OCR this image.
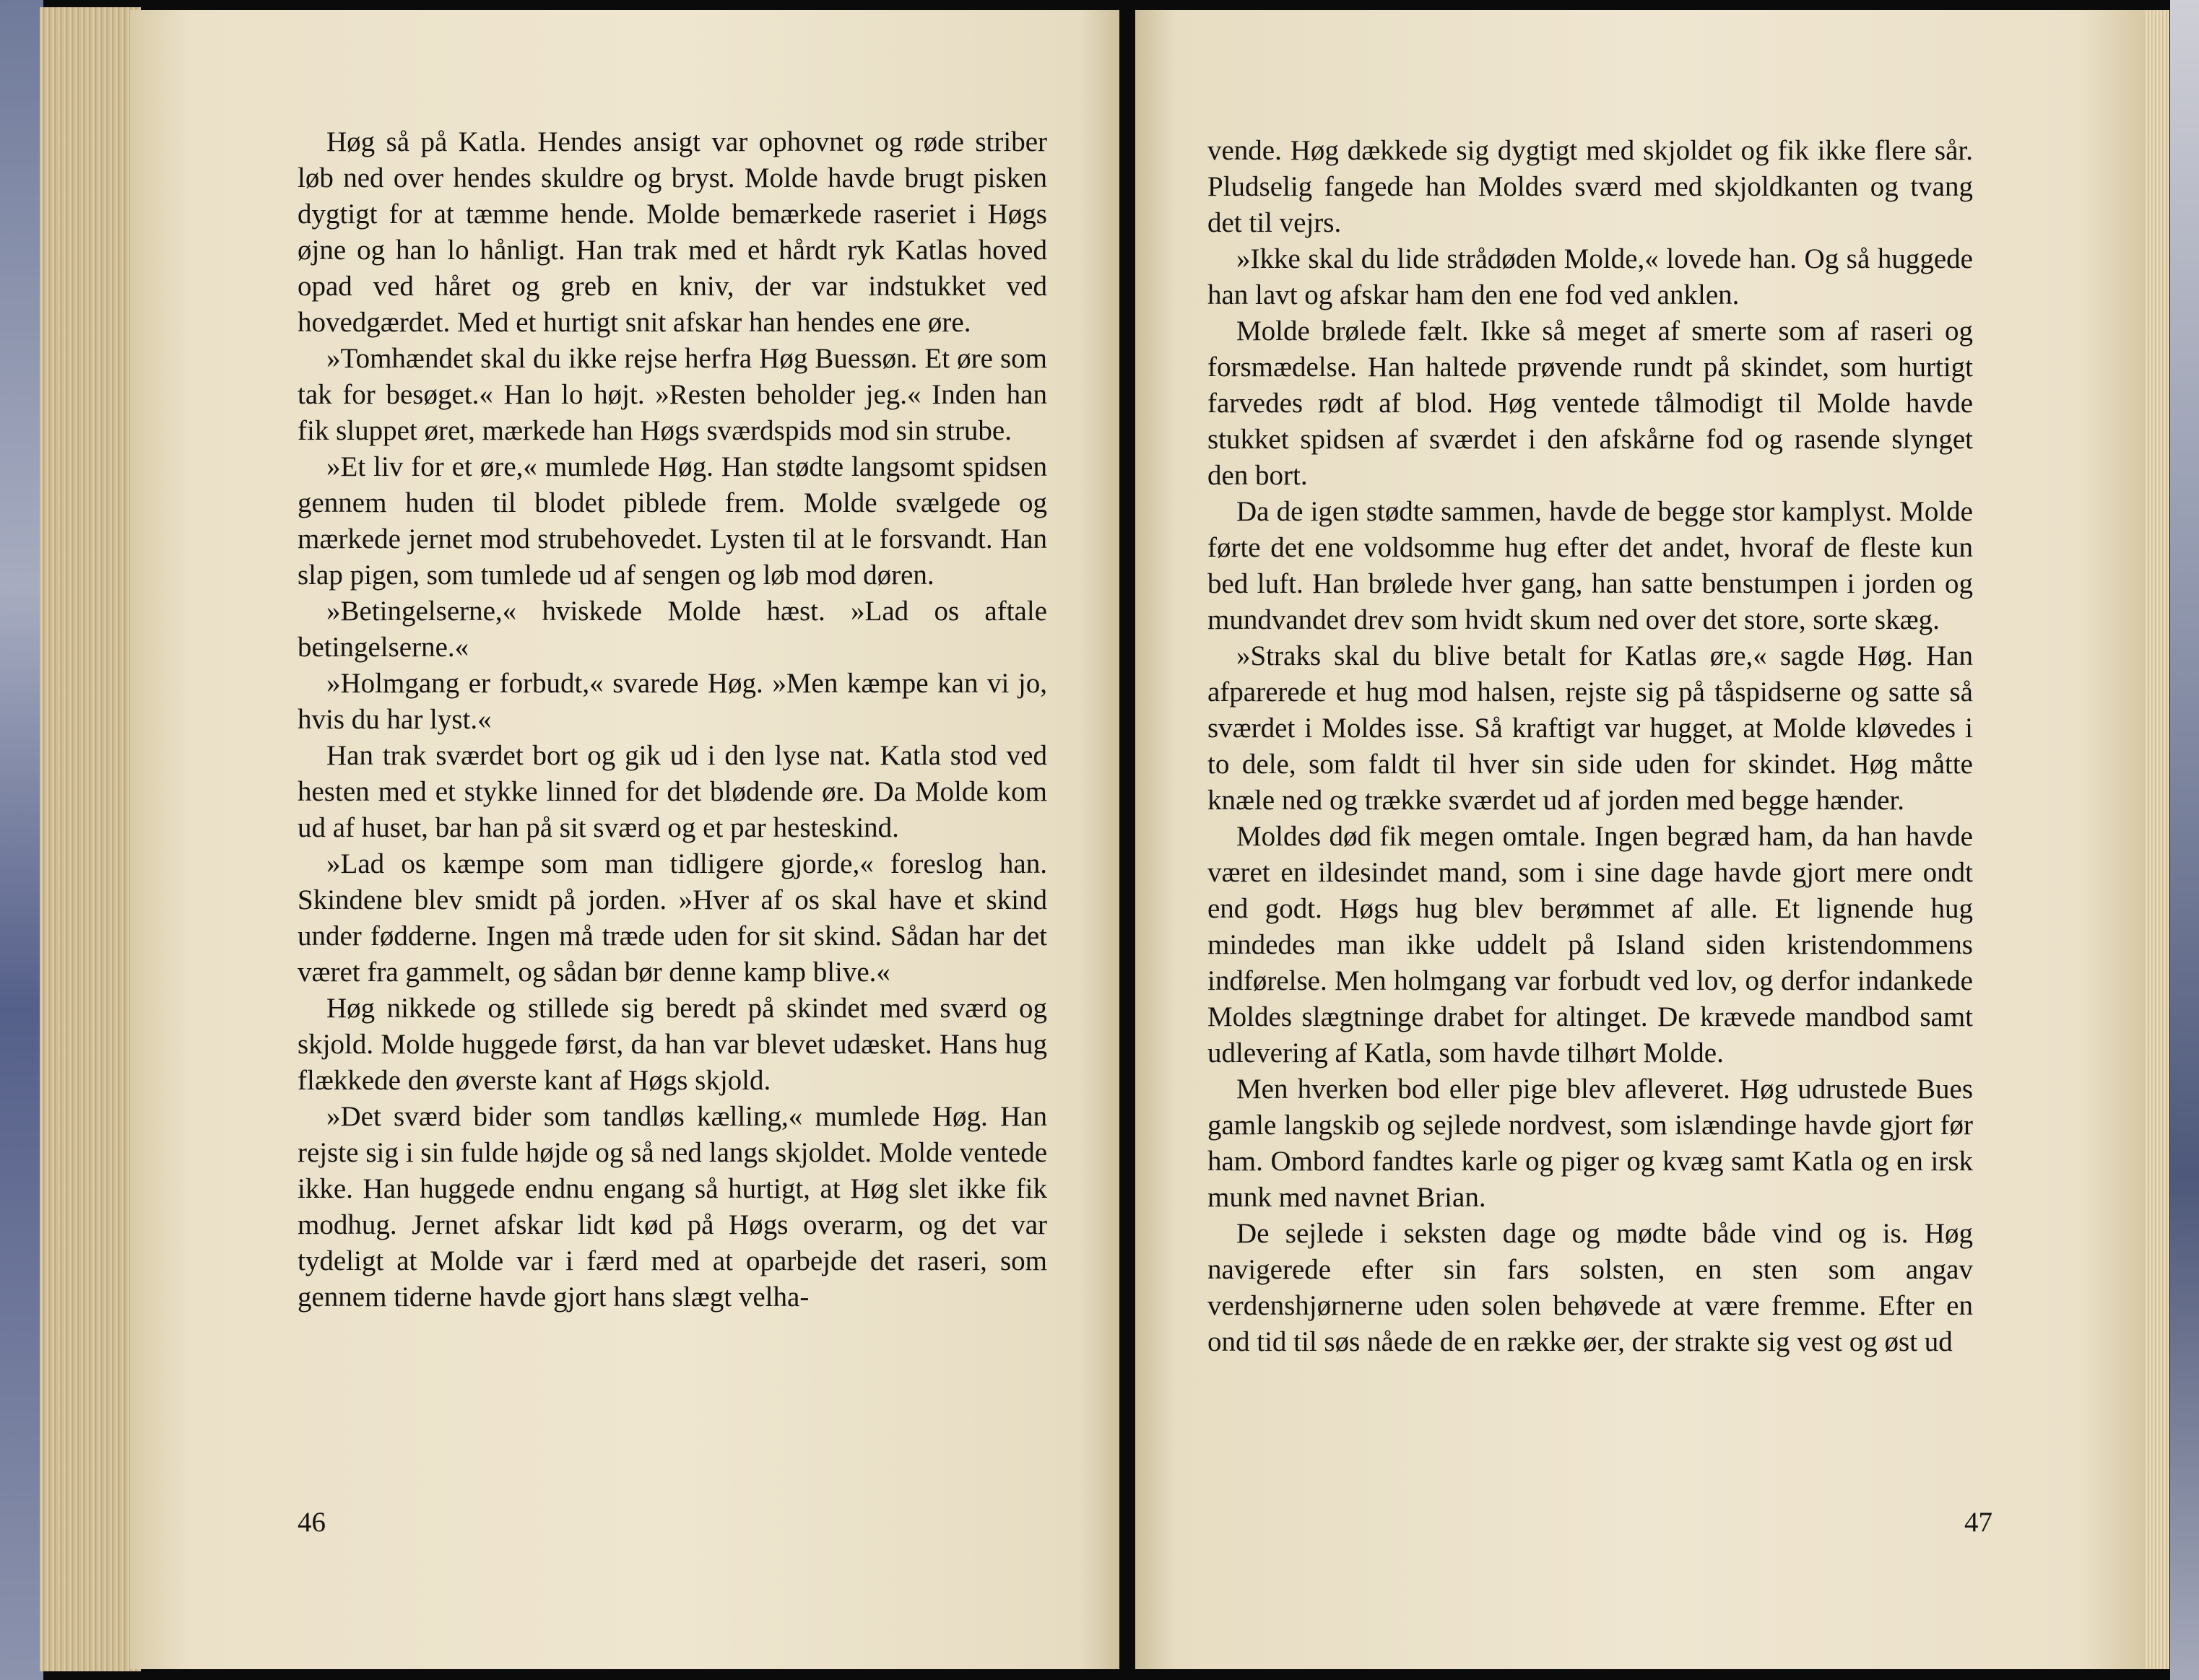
Høg så på Katla. Hendes ansigt var ophovnet og røde striber løb ned over hendes skuldre og bryst. Molde havde brugt pisken dygtigt for at tæmme hende. Molde bemærkede raseriet i Høgs øjne og han lo hånligt. Han trak med et hårdt ryk Katlas hoved opad ved håret og greb en kniv, der var indstukket ved hovedgærdet. Med et hurtigt snit afskar han hendes ene øre.

»Tomhændet skal du ikke rejse herfra Høg Buessøn. Et øre som tak for besøget.« Han lo højt. »Resten beholder jeg.« Inden han fik sluppet øret, mærkede han Høgs sværdspids mod sin strube.

»Et liv for et øre,« mumlede Høg. Han stødte langsomt spidsen gennem huden til blodet piblede frem. Molde svælgede og mærkede jernet mod strubehovedet. Lysten til at le forsvandt. Han slap pigen, som tumlede ud af sengen og løb mod døren.

»Betingelserne,« hviskede Molde hæst. »Lad os aftale betingelserne.«

»Holmgang er forbudt,« svarede Høg. »Men kæmpe kan vi jo, hvis du har lyst.«

Han trak sværdet bort og gik ud i den lyse nat. Katla stod ved hesten med et stykke linned for det blødende øre. Da Molde kom ud af huset, bar han på sit sværd og et par hesteskind.

»Lad os kæmpe som man tidligere gjorde,« foreslog han. Skindene blev smidt på jorden. »Hver af os skal have et skind under fødderne. Ingen må træde uden for sit skind. Sådan har det været fra gammelt, og sådan bør denne kamp blive.«

Høg nikkede og stillede sig beredt på skindet med sværd og skjold. Molde huggede først, da han var blevet udæsket. Hans hug flækkede den øverste kant af Høgs skjold.

»Det sværd bider som tandløs kælling,« mumlede Høg. Han rejste sig i sin fulde højde og så ned langs skjoldet. Molde ventede ikke. Han huggede endnu engang så hurtigt, at Høg slet ikke fik modhug. Jernet afskar lidt kød på Høgs overarm, og det var tydeligt at Molde var i færd med at oparbejde det raseri, som gennem tiderne havde gjort hans slægt velha-

46

vende. Høg dækkede sig dygtigt med skjoldet og fik ikke flere sår. Pludselig fangede han Moldes sværd med skjoldkanten og tvang det til vejrs.

»Ikke skal du lide strådøden Molde,« lovede han. Og så huggede han lavt og afskar ham den ene fod ved anklen.

Molde brølede fælt. Ikke så meget af smerte som af raseri og forsmædelse. Han haltede prøvende rundt på skindet, som hurtigt farvedes rødt af blod. Høg ventede tålmodigt til Molde havde stukket spidsen af sværdet i den afskårne fod og rasende slynget den bort.

Da de igen stødte sammen, havde de begge stor kamplyst. Molde førte det ene voldsomme hug efter det andet, hvoraf de fleste kun bed luft. Han brølede hver gang, han satte benstumpen i jorden og mundvandet drev som hvidt skum ned over det store, sorte skæg.

»Straks skal du blive betalt for Katlas øre,« sagde Høg. Han afparerede et hug mod halsen, rejste sig på tåspidserne og satte så sværdet i Moldes isse. Så kraftigt var hugget, at Molde kløvedes i to dele, som faldt til hver sin side uden for skindet. Høg måtte knæle ned og trække sværdet ud af jorden med begge hænder.

Moldes død fik megen omtale. Ingen begræd ham, da han havde været en ildesindet mand, som i sine dage havde gjort mere ondt end godt. Høgs hug blev berømmet af alle. Et lignende hug mindedes man ikke uddelt på Island siden kristendommens indførelse. Men holmgang var forbudt ved lov, og derfor indankede Moldes slægtninge drabet for altinget. De krævede mandbod samt udlevering af Katla, som havde tilhørt Molde.

Men hverken bod eller pige blev afleveret. Høg udrustede Bues gamle langskib og sejlede nordvest, som islændinge havde gjort før ham. Ombord fandtes karle og piger og kvæg samt Katla og en irsk munk med navnet Brian.

De sejlede i seksten dage og mødte både vind og is. Høg navigerede efter sin fars solsten, en sten som angav verdenshjørnerne uden solen behøvede at være fremme. Efter en ond tid til søs nåede de en række øer, der strakte sig vest og øst ud

47
